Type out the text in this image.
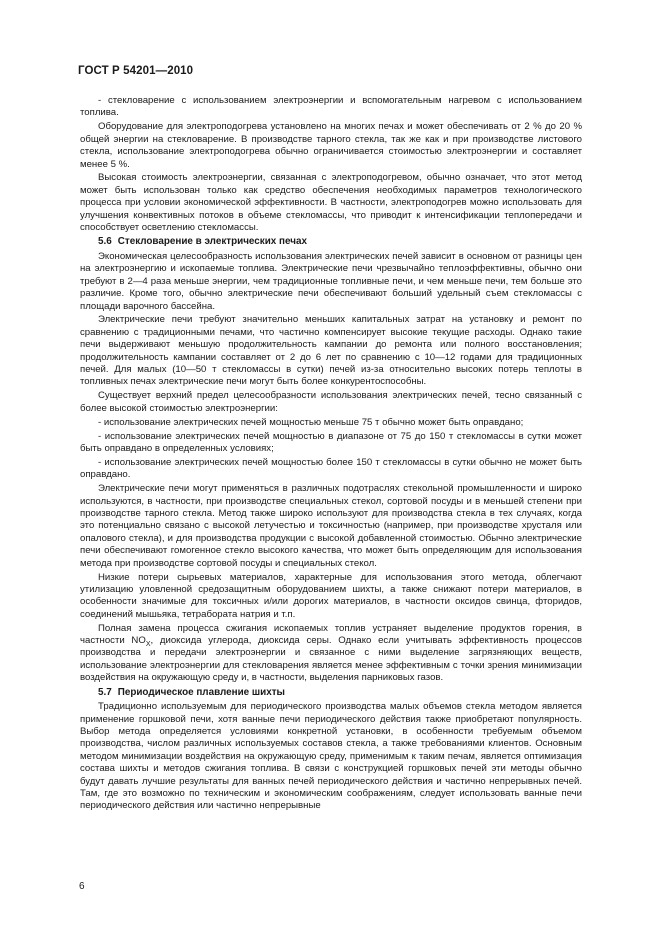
ГОСТ Р 54201—2010

- стекловарение с использованием электроэнергии и вспомогательным нагревом с использованием топлива.

Оборудование для электроподогрева установлено на многих печах и может обеспечивать от 2 % до 20 % общей энергии на стекловарение. В производстве тарного стекла, так же как и при производстве листового стекла, использование электроподогрева обычно ограничивается стоимостью электроэнергии и составляет менее 5 %.

Высокая стоимость электроэнергии, связанная с электроподогревом, обычно означает, что этот метод может быть использован только как средство обеспечения необходимых параметров технологического процесса при условии экономической эффективности. В частности, электроподогрев можно использовать для улучшения конвективных потоков в объеме стекломассы, что приводит к интенсификации теплопередачи и способствует осветлению стекломассы.

5.6 Стекловарение в электрических печах

Экономическая целесообразность использования электрических печей зависит в основном от разницы цен на электроэнергию и ископаемые топлива. Электрические печи чрезвычайно теплоэффективны, обычно они требуют в 2—4 раза меньше энергии, чем традиционные топливные печи, и чем меньше печи, тем больше это различие. Кроме того, обычно электрические печи обеспечивают больший удельный съем стекломассы с площади варочного бассейна.

Электрические печи требуют значительно меньших капитальных затрат на установку и ремонт по сравнению с традиционными печами, что частично компенсирует высокие текущие расходы. Однако такие печи выдерживают меньшую продолжительность кампании до ремонта или полного восстановления; продолжительность кампании составляет от 2 до 6 лет по сравнению с 10—12 годами для традиционных печей. Для малых (10—50 т стекломассы в сутки) печей из-за относительно высоких потерь теплоты в топливных печах электрические печи могут быть более конкурентоспособны.

Существует верхний предел целесообразности использования электрических печей, тесно связанный с более высокой стоимостью электроэнергии:

- использование электрических печей мощностью меньше 75 т обычно может быть оправдано;

- использование электрических печей мощностью в диапазоне от 75 до 150 т стекломассы в сутки может быть оправдано в определенных условиях;

- использование электрических печей мощностью более 150 т стекломассы в сутки обычно не может быть оправдано.

Электрические печи могут применяться в различных подотраслях стекольной промышленности и широко используются, в частности, при производстве специальных стекол, сортовой посуды и в меньшей степени при производстве тарного стекла. Метод также широко используют для производства стекла в тех случаях, когда это потенциально связано с высокой летучестью и токсичностью (например, при производстве хрусталя или опалового стекла), и для производства продукции с высокой добавленной стоимостью. Обычно электрические печи обеспечивают гомогенное стекло высокого качества, что может быть определяющим для использования метода при производстве сортовой посуды и специальных стекол.

Низкие потери сырьевых материалов, характерные для использования этого метода, облегчают утилизацию уловленной средозащитным оборудованием шихты, а также снижают потери материалов, в особенности значимые для токсичных и/или дорогих материалов, в частности оксидов свинца, фторидов, соединений мышьяка, тетрабората натрия и т.п.

Полная замена процесса сжигания ископаемых топлив устраняет выделение продуктов горения, в частности $NO_X$, диоксида углерода, диоксида серы. Однако если учитывать эффективность процессов производства и передачи электроэнергии и связанное с ними выделение загрязняющих веществ, использование электроэнергии для стекловарения является менее эффективным с точки зрения минимизации воздействия на окружающую среду и, в частности, выделения парниковых газов.

5.7 Периодическое плавление шихты

Традиционно используемым для периодического производства малых объемов стекла методом является применение горшковой печи, хотя ванные печи периодического действия также приобретают популярность. Выбор метода определяется условиями конкретной установки, в особенности требуемым объемом производства, числом различных используемых составов стекла, а также требованиями клиентов. Основным методом минимизации воздействия на окружающую среду, применимым к таким печам, является оптимизация состава шихты и методов сжигания топлива. В связи с конструкцией горшковых печей эти методы обычно будут давать лучшие результаты для ванных печей периодического действия и частично непрерывных печей. Там, где это возможно по техническим и экономическим соображениям, следует использовать ванные печи периодического действия или частично непрерывные

6
